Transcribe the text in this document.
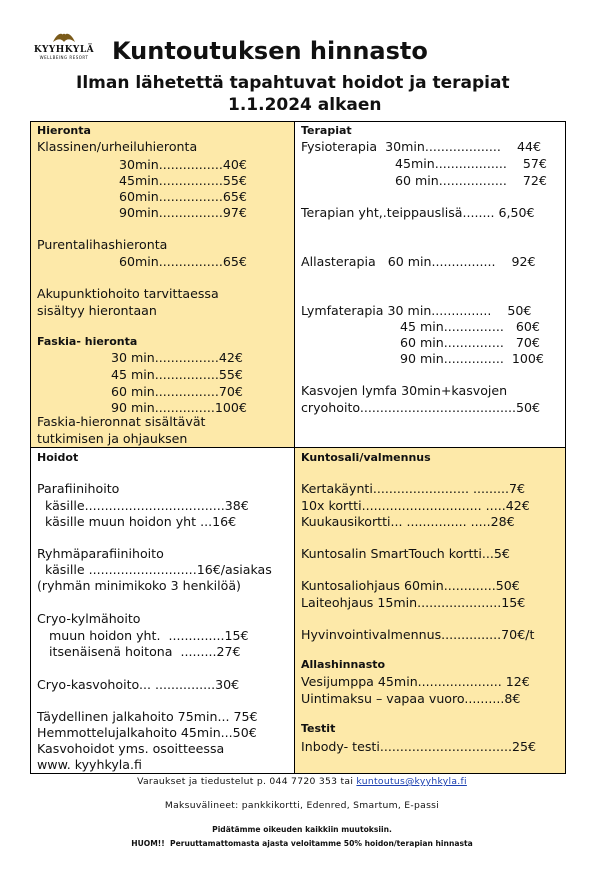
KYYHKYLÄ
WELLBEING RESORT Kuntoutuksen hinnasto
Ilman lähetettä tapahtuvat hoidot ja terapiat
1.1.2024 alkaen
Hieronta
Klassinen/urheiluhieronta
30min................40€
45min................55€
60min................65€
90min................97€
Purentalihashieronta
60min................65€
Akupunktiohoito tarvittaessa
sisältyy hierontaan
Faskia- hieronta
30 min................42€
45 min................55€
60 min................70€
90 min...............100€
Faskia-hieronnat sisältävät
tutkimisen ja ohjauksen
Terapiat
Fysioterapia  30min...................    44€
45min..................    57€
60 min.................    72€
Terapian yht,.teippauslisä........ 6,50€
Allasterapia   60 min................    92€
Lymfaterapia 30 min...............    50€
45 min...............   60€
60 min...............   70€
90 min...............  100€
Kasvojen lymfa 30min+kasvojen
cryohoito.......................................50€
Hoidot
Parafiinihoito
käsille...................................38€
käsille muun hoidon yht ...16€
Ryhmäparafiinihoito
käsille ...........................16€/asiakas
(ryhmän minimikoko 3 henkilöä)
Cryo-kylmähoito
muun hoidon yht.  ..............15€
itsenäisenä hoitona  .........27€
Cryo-kasvohoito... ...............30€
Täydellinen jalkahoito 75min... 75€
Hemmottelujalkahoito 45min...50€
Kasvohoidot yms. osoitteessa
www. kyyhkyla.fi
Kuntosali/valmennus
Kertakäynti........................ .........7€
10x kortti.............................. .....42€
Kuukausikortti... ............... .....28€
Kuntosalin SmartTouch kortti...5€
Kuntosaliohjaus 60min.............50€
Laiteohjaus 15min.....................15€
Hyvinvointivalmennus...............70€/t
Allashinnasto
Vesijumppa 45min..................... 12€
Uintimaksu – vapaa vuoro..........8€
Testit
Inbody- testi.................................25€
Varaukset ja tiedustelut p. 044 7720 353 tai kuntoutus@kyyhkyla.fi
Maksuvälineet: pankkikortti, Edenred, Smartum, E-passi
Pidätämme oikeuden kaikkiin muutoksiin.
HUOM!!  Peruuttamattomasta ajasta veloitamme 50% hoidon/terapian hinnasta
